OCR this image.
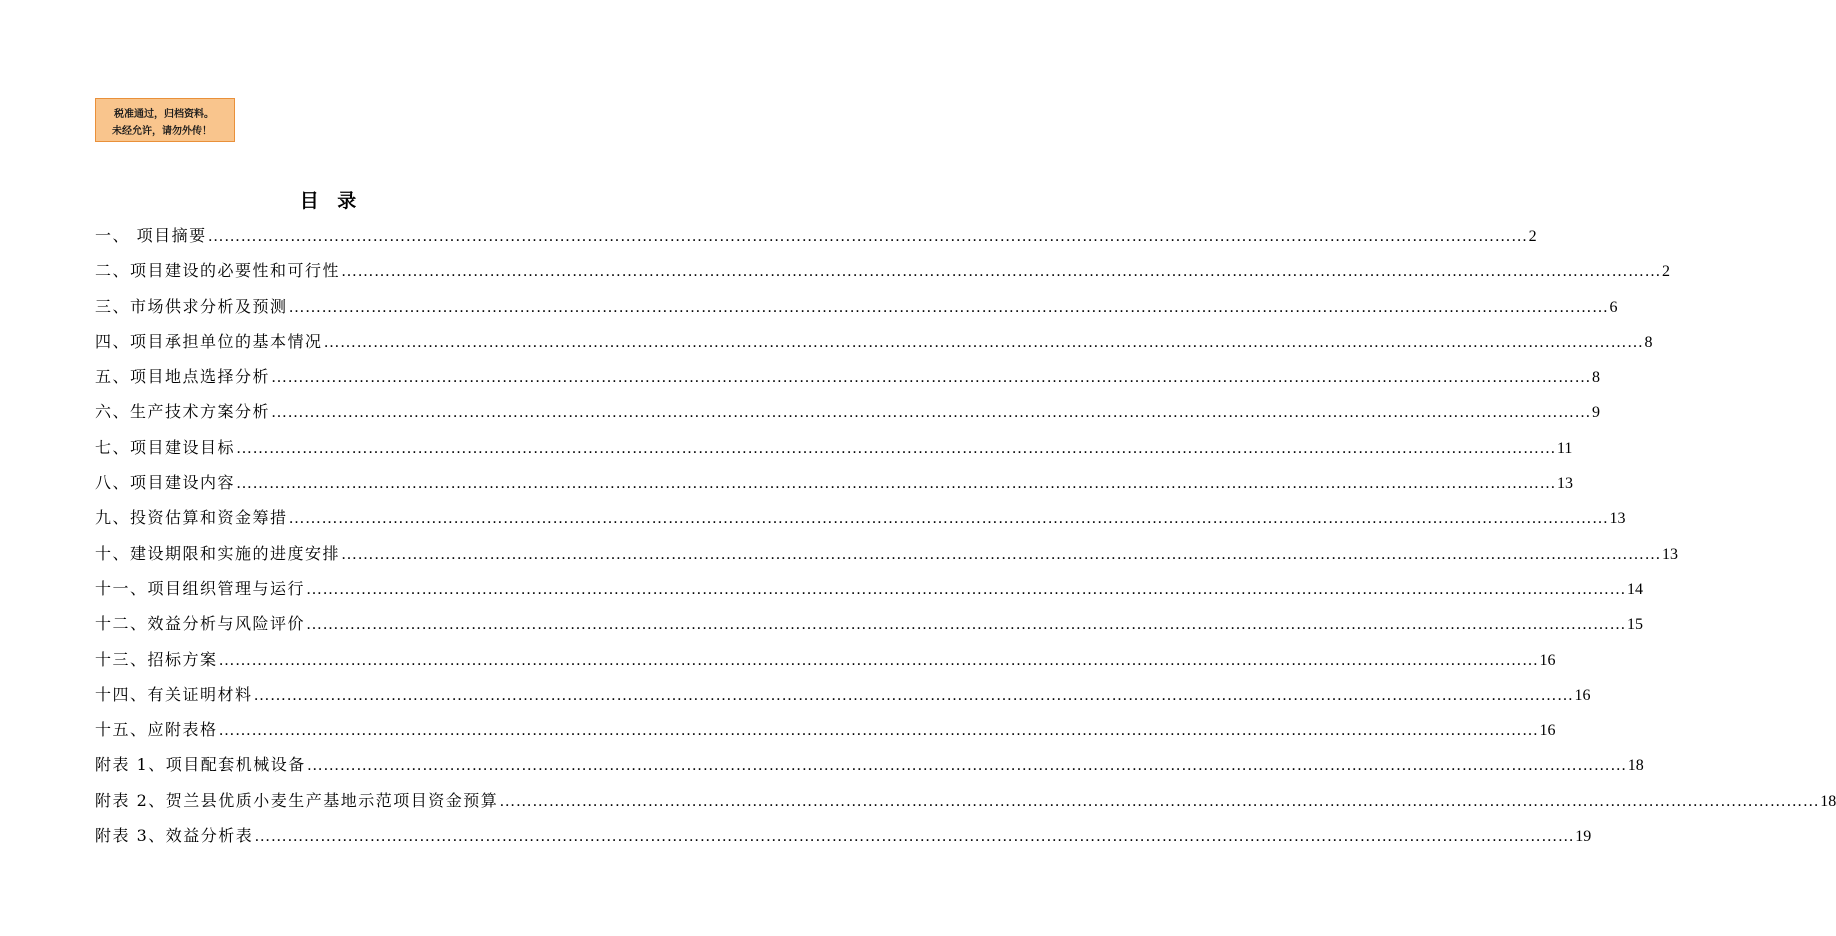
税准通过，归档资料。
未经允许，请勿外传！
目 录
一、 项目摘要 …………………………………………………………………………………………………………………………………………………………………………………………………………………… 2
二、项目建设的必要性和可行性 …………………………………………………………………………………………………………………………………………………………………………………………………………………… 2
三、市场供求分析及预测 …………………………………………………………………………………………………………………………………………………………………………………………………………………… 6
四、项目承担单位的基本情况 …………………………………………………………………………………………………………………………………………………………………………………………………………………… 8
五、项目地点选择分析 …………………………………………………………………………………………………………………………………………………………………………………………………………………… 8
六、生产技术方案分析 …………………………………………………………………………………………………………………………………………………………………………………………………………………… 9
七、项目建设目标 …………………………………………………………………………………………………………………………………………………………………………………………………………………… 11
八、项目建设内容 …………………………………………………………………………………………………………………………………………………………………………………………………………………… 13
九、投资估算和资金筹措 …………………………………………………………………………………………………………………………………………………………………………………………………………………… 13
十、建设期限和实施的进度安排 …………………………………………………………………………………………………………………………………………………………………………………………………………………… 13
十一、项目组织管理与运行 …………………………………………………………………………………………………………………………………………………………………………………………………………………… 14
十二、效益分析与风险评价 …………………………………………………………………………………………………………………………………………………………………………………………………………………… 15
十三、招标方案 …………………………………………………………………………………………………………………………………………………………………………………………………………………… 16
十四、有关证明材料 …………………………………………………………………………………………………………………………………………………………………………………………………………………… 16
十五、应附表格 …………………………………………………………………………………………………………………………………………………………………………………………………………………… 16
附表 1、项目配套机械设备 …………………………………………………………………………………………………………………………………………………………………………………………………………………… 18
附表 2、贺兰县优质小麦生产基地示范项目资金预算 …………………………………………………………………………………………………………………………………………………………………………………………………………………… 18
附表 3、效益分析表 …………………………………………………………………………………………………………………………………………………………………………………………………………………… 19
